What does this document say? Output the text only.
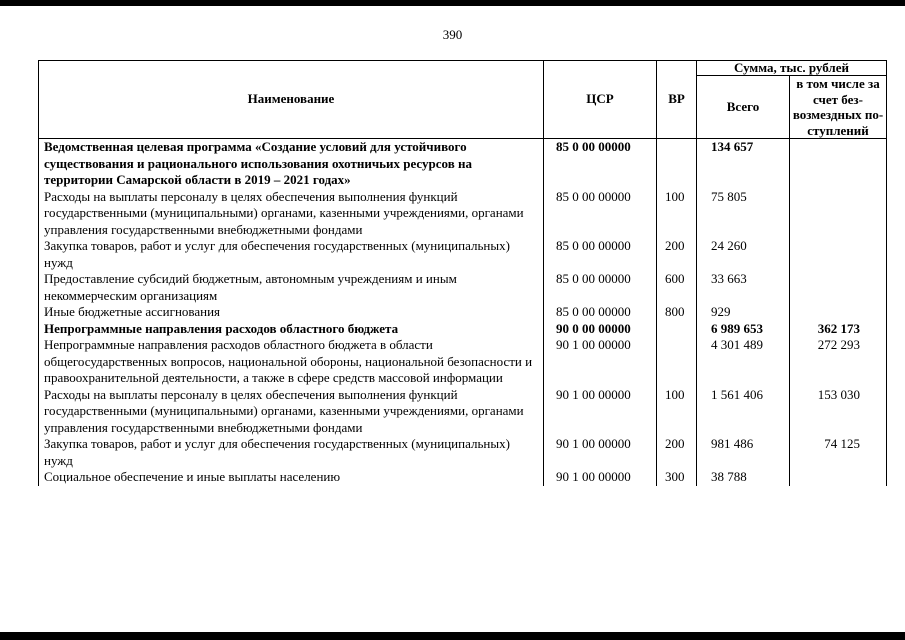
390
Наименование	ЦСР	ВР	Сумма, тыс. рублей	
			Всего	в том числе за счет без-возмездных по-ступлений
Ведомственная целевая программа «Создание условий для устойчивого существования и рационального использования охотничьих ресурсов на территории Самарской области в 2019 – 2021 годах»	85 0 00 00000		134 657	
Расходы на выплаты персоналу в целях обеспечения выполнения функций государственными (муниципальными) органами, казенными учреждениями, органами управления государственными внебюджетными фондами	85 0 00 00000	100	75 805	
Закупка товаров, работ и услуг для обеспечения государственных (муниципальных) нужд	85 0 00 00000	200	24 260	
Предоставление субсидий бюджетным, автономным учреждениям и иным некоммерческим организациям	85 0 00 00000	600	33 663	
Иные бюджетные ассигнования	85 0 00 00000	800	929	
Непрограммные направления расходов областного бюджета	90 0 00 00000		6 989 653	362 173
Непрограммные направления расходов областного бюджета в области общегосударственных вопросов, национальной обороны, национальной безопасности и правоохранительной деятельности, а также в сфере средств массовой информации	90 1 00 00000		4 301 489	272 293
Расходы на выплаты персоналу в целях обеспечения выполнения функций государственными (муниципальными) органами, казенными учреждениями, органами управления государственными внебюджетными фондами	90 1 00 00000	100	1 561 406	153 030
Закупка товаров, работ и услуг для обеспечения государственных (муниципальных) нужд	90 1 00 00000	200	981 486	74 125
Социальное обеспечение и иные выплаты населению	90 1 00 00000	300	38 788	
